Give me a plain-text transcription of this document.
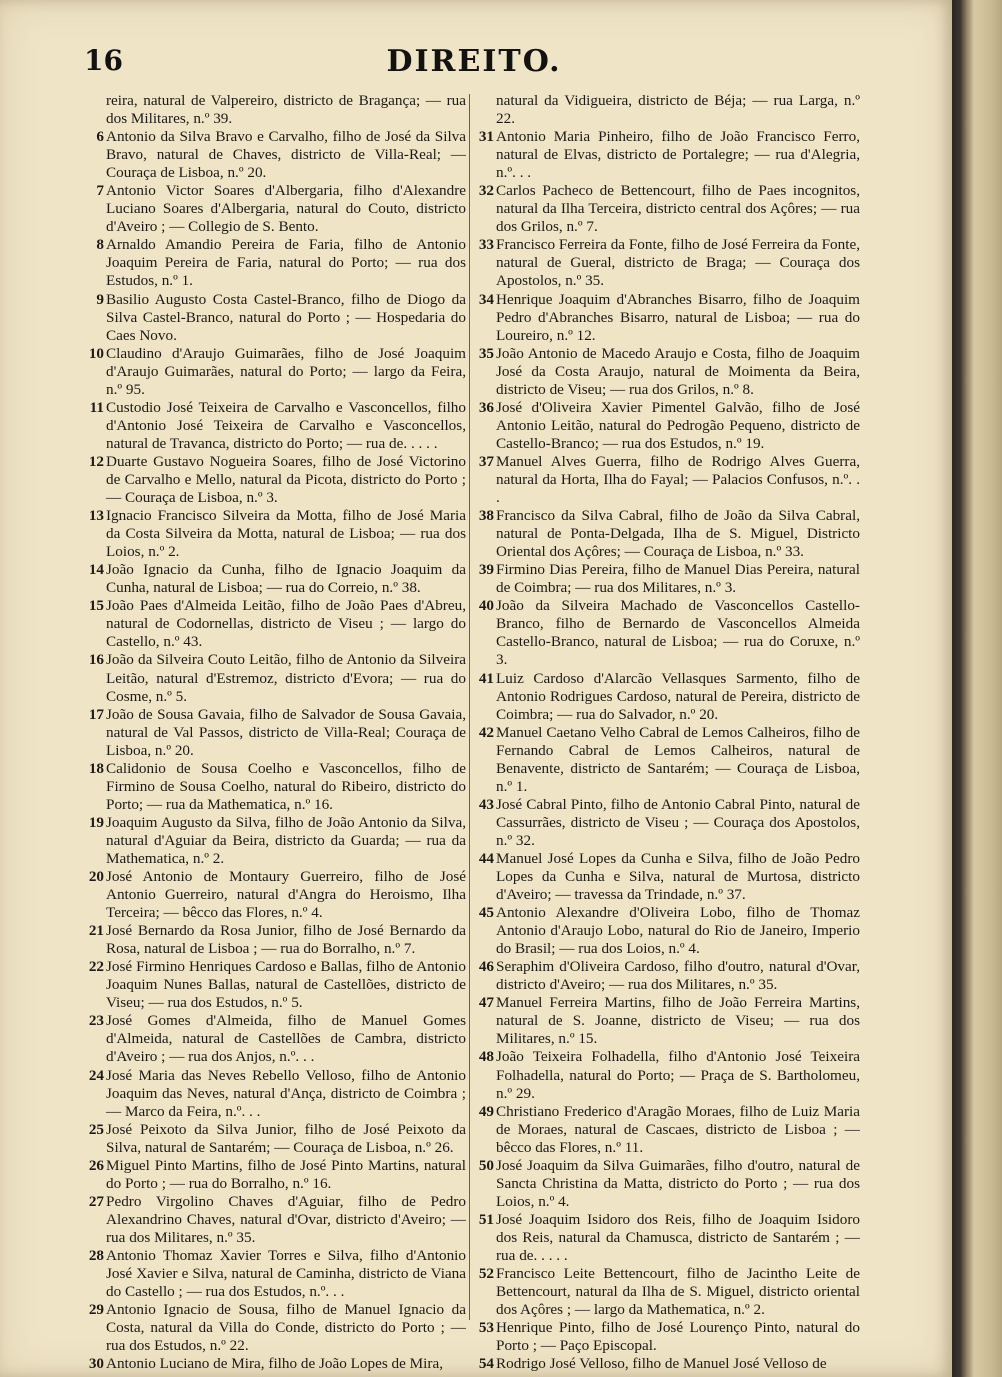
16	DIREITO.
reira, natural de Valpereiro, districto de Bragança; — rua dos Militares, n.º 39.
6 Antonio da Silva Bravo e Carvalho, filho de José da Silva Bravo, natural de Chaves, districto de Villa-Real; — Couraça de Lisboa, n.º 20.
7 Antonio Victor Soares d'Albergaria, filho d'Alexandre Luciano Soares d'Albergaria, natural do Couto, districto d'Aveiro ; — Collegio de S. Bento.
8 Arnaldo Amandio Pereira de Faria, filho de Antonio Joaquim Pereira de Faria, natural do Porto; — rua dos Estudos, n.º 1.
9 Basilio Augusto Costa Castel-Branco, filho de Diogo da Silva Castel-Branco, natural do Porto ; — Hospedaria do Caes Novo.
10 Claudino d'Araujo Guimarães, filho de José Joaquim d'Araujo Guimarães, natural do Porto; — largo da Feira, n.º 95.
11 Custodio José Teixeira de Carvalho e Vasconcellos, filho d'Antonio José Teixeira de Carvalho e Vasconcellos, natural de Travanca, districto do Porto; — rua de. . . . .
12 Duarte Gustavo Nogueira Soares, filho de José Victorino de Carvalho e Mello, natural da Picota, districto do Porto ; — Couraça de Lisboa, n.º 3.
13 Ignacio Francisco Silveira da Motta, filho de José Maria da Costa Silveira da Motta, natural de Lisboa; — rua dos Loios, n.º 2.
14 João Ignacio da Cunha, filho de Ignacio Joaquim da Cunha, natural de Lisboa; — rua do Correio, n.º 38.
15 João Paes d'Almeida Leitão, filho de João Paes d'Abreu, natural de Codornellas, districto de Viseu ; — largo do Castello, n.º 43.
16 João da Silveira Couto Leitão, filho de Antonio da Silveira Leitão, natural d'Estremoz, districto d'Evora; — rua do Cosme, n.º 5.
17 João de Sousa Gavaia, filho de Salvador de Sousa Gavaia, natural de Val Passos, districto de Villa-Real; Couraça de Lisboa, n.º 20.
18 Calidonio de Sousa Coelho e Vasconcellos, filho de Firmino de Sousa Coelho, natural do Ribeiro, districto do Porto; — rua da Mathematica, n.º 16.
19 Joaquim Augusto da Silva, filho de João Antonio da Silva, natural d'Aguiar da Beira, districto da Guarda; — rua da Mathematica, n.º 2.
20 José Antonio de Montaury Guerreiro, filho de José Antonio Guerreiro, natural d'Angra do Heroismo, Ilha Terceira; — bêcco das Flores, n.º 4.
21 José Bernardo da Rosa Junior, filho de José Bernardo da Rosa, natural de Lisboa ; — rua do Borralho, n.º 7.
22 José Firmino Henriques Cardoso e Ballas, filho de Antonio Joaquim Nunes Ballas, natural de Castellões, districto de Viseu; — rua dos Estudos, n.º 5.
23 José Gomes d'Almeida, filho de Manuel Gomes d'Almeida, natural de Castellões de Cambra, districto d'Aveiro ; — rua dos Anjos, n.º. . .
24 José Maria das Neves Rebello Velloso, filho de Antonio Joaquim das Neves, natural d'Ança, districto de Coimbra ; — Marco da Feira, n.º. . .
25 José Peixoto da Silva Junior, filho de José Peixoto da Silva, natural de Santarém; — Couraça de Lisboa, n.º 26.
26 Miguel Pinto Martins, filho de José Pinto Martins, natural do Porto ; — rua do Borralho, n.º 16.
27 Pedro Virgolino Chaves d'Aguiar, filho de Pedro Alexandrino Chaves, natural d'Ovar, districto d'Aveiro; — rua dos Militares, n.º 35.
28 Antonio Thomaz Xavier Torres e Silva, filho d'Antonio José Xavier e Silva, natural de Caminha, districto de Viana do Castello ; — rua dos Estudos, n.º. . .
29 Antonio Ignacio de Sousa, filho de Manuel Ignacio da Costa, natural da Villa do Conde, districto do Porto ; — rua dos Estudos, n.º 22.
30 Antonio Luciano de Mira, filho de João Lopes de Mira,
natural da Vidigueira, districto de Béja; — rua Larga, n.º 22.
31 Antonio Maria Pinheiro, filho de João Francisco Ferro, natural de Elvas, districto de Portalegre; — rua d'Alegria, n.º. . .
32 Carlos Pacheco de Bettencourt, filho de Paes incognitos, natural da Ilha Terceira, districto central dos Açôres; — rua dos Grilos, n.º 7.
33 Francisco Ferreira da Fonte, filho de José Ferreira da Fonte, natural de Gueral, districto de Braga; — Couraça dos Apostolos, n.º 35.
34 Henrique Joaquim d'Abranches Bisarro, filho de Joaquim Pedro d'Abranches Bisarro, natural de Lisboa; — rua do Loureiro, n.º 12.
35 João Antonio de Macedo Araujo e Costa, filho de Joaquim José da Costa Araujo, natural de Moimenta da Beira, districto de Viseu; — rua dos Grilos, n.º 8.
36 José d'Oliveira Xavier Pimentel Galvão, filho de José Antonio Leitão, natural do Pedrogão Pequeno, districto de Castello-Branco; — rua dos Estudos, n.º 19.
37 Manuel Alves Guerra, filho de Rodrigo Alves Guerra, natural da Horta, Ilha do Fayal; — Palacios Confusos, n.º. . .
38 Francisco da Silva Cabral, filho de João da Silva Cabral, natural de Ponta-Delgada, Ilha de S. Miguel, Districto Oriental dos Açôres; — Couraça de Lisboa, n.º 33.
39 Firmino Dias Pereira, filho de Manuel Dias Pereira, natural de Coimbra; — rua dos Militares, n.º 3.
40 João da Silveira Machado de Vasconcellos Castello-Branco, filho de Bernardo de Vasconcellos Almeida Castello-Branco, natural de Lisboa; — rua do Coruxe, n.º 3.
41 Luiz Cardoso d'Alarcão Vellasques Sarmento, filho de Antonio Rodrigues Cardoso, natural de Pereira, districto de Coimbra; — rua do Salvador, n.º 20.
42 Manuel Caetano Velho Cabral de Lemos Calheiros, filho de Fernando Cabral de Lemos Calheiros, natural de Benavente, districto de Santarém; — Couraça de Lisboa, n.º 1.
43 José Cabral Pinto, filho de Antonio Cabral Pinto, natural de Cassurrães, districto de Viseu ; — Couraça dos Apostolos, n.º 32.
44 Manuel José Lopes da Cunha e Silva, filho de João Pedro Lopes da Cunha e Silva, natural de Murtosa, districto d'Aveiro; — travessa da Trindade, n.º 37.
45 Antonio Alexandre d'Oliveira Lobo, filho de Thomaz Antonio d'Araujo Lobo, natural do Rio de Janeiro, Imperio do Brasil; — rua dos Loios, n.º 4.
46 Seraphim d'Oliveira Cardoso, filho d'outro, natural d'Ovar, districto d'Aveiro; — rua dos Militares, n.º 35.
47 Manuel Ferreira Martins, filho de João Ferreira Martins, natural de S. Joanne, districto de Viseu; — rua dos Militares, n.º 15.
48 João Teixeira Folhadella, filho d'Antonio José Teixeira Folhadella, natural do Porto; — Praça de S. Bartholomeu, n.º 29.
49 Christiano Frederico d'Aragão Moraes, filho de Luiz Maria de Moraes, natural de Cascaes, districto de Lisboa ; — bêcco das Flores, n.º 11.
50 José Joaquim da Silva Guimarães, filho d'outro, natural de Sancta Christina da Matta, districto do Porto ; — rua dos Loios, n.º 4.
51 José Joaquim Isidoro dos Reis, filho de Joaquim Isidoro dos Reis, natural da Chamusca, districto de Santarém ; — rua de. . . . .
52 Francisco Leite Bettencourt, filho de Jacintho Leite de Bettencourt, natural da Ilha de S. Miguel, districto oriental dos Açôres ; — largo da Mathematica, n.º 2.
53 Henrique Pinto, filho de José Lourenço Pinto, natural do Porto ; — Paço Episcopal.
54 Rodrigo José Velloso, filho de Manuel José Velloso de
